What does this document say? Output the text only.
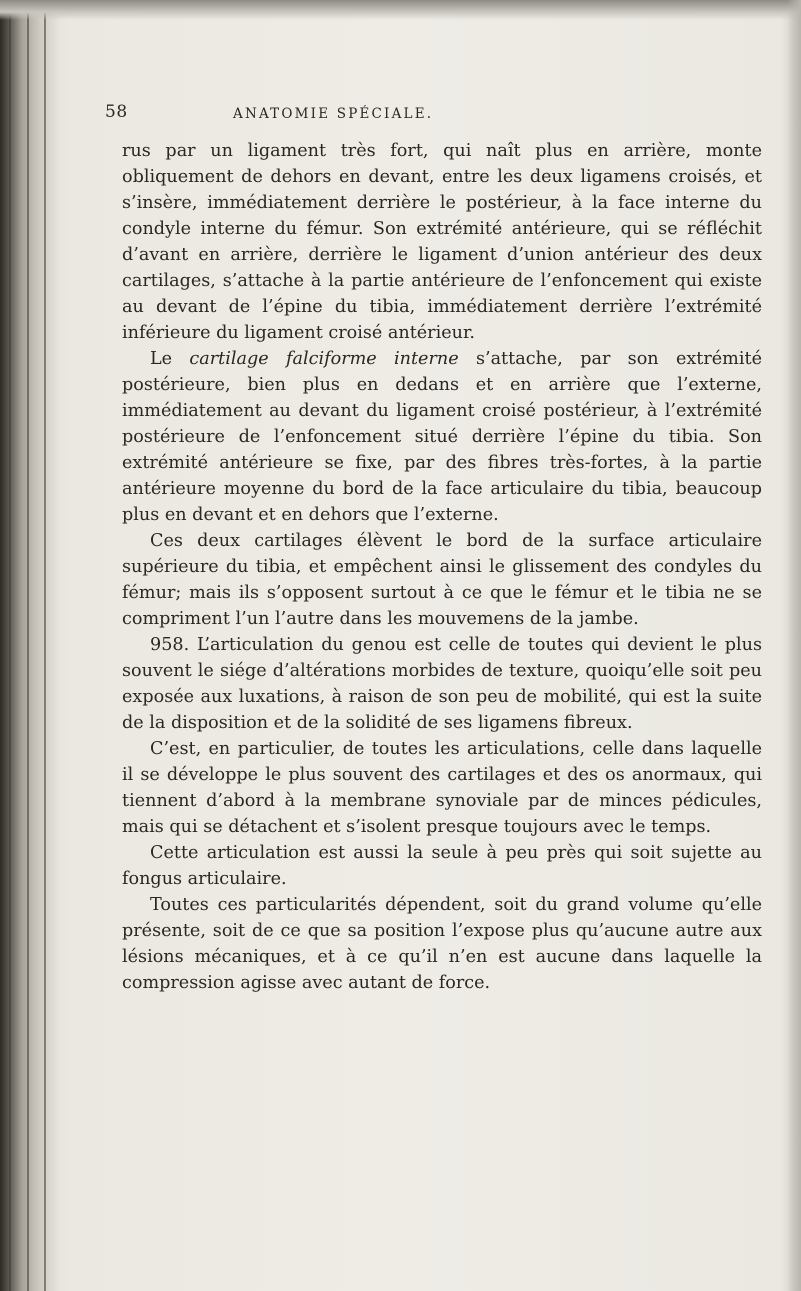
58	ANATOMIE SPÉCIALE.

rus par un ligament très fort, qui naît plus en arrière, monte obliquement de dehors en devant, entre les deux ligamens croisés, et s’insère, immédiatement derrière le postérieur, à la face interne du condyle interne du fémur. Son extrémité antérieure, qui se réfléchit d’avant en arrière, derrière le ligament d’union antérieur des deux cartilages, s’attache à la partie antérieure de l’enfoncement qui existe au devant de l’épine du tibia, immédiatement derrière l’extrémité inférieure du ligament croisé antérieur.

Le cartilage falciforme interne s’attache, par son extrémité postérieure, bien plus en dedans et en arrière que l’externe, immédiatement au devant du ligament croisé postérieur, à l’extrémité postérieure de l’enfoncement situé derrière l’épine du tibia. Son extrémité antérieure se fixe, par des fibres très-fortes, à la partie antérieure moyenne du bord de la face articulaire du tibia, beaucoup plus en devant et en dehors que l’externe.

Ces deux cartilages élèvent le bord de la surface articulaire supérieure du tibia, et empêchent ainsi le glissement des condyles du fémur; mais ils s’opposent surtout à ce que le fémur et le tibia ne se compriment l’un l’autre dans les mouvemens de la jambe.

958. L’articulation du genou est celle de toutes qui devient le plus souvent le siége d’altérations morbides de texture, quoiqu’elle soit peu exposée aux luxations, à raison de son peu de mobilité, qui est la suite de la disposition et de la solidité de ses ligamens fibreux.

C’est, en particulier, de toutes les articulations, celle dans laquelle il se développe le plus souvent des cartilages et des os anormaux, qui tiennent d’abord à la membrane synoviale par de minces pédicules, mais qui se détachent et s’isolent presque toujours avec le temps.

Cette articulation est aussi la seule à peu près qui soit sujette au fongus articulaire.

Toutes ces particularités dépendent, soit du grand volume qu’elle présente, soit de ce que sa position l’expose plus qu’aucune autre aux lésions mécaniques, et à ce qu’il n’en est aucune dans laquelle la compression agisse avec autant de force.
